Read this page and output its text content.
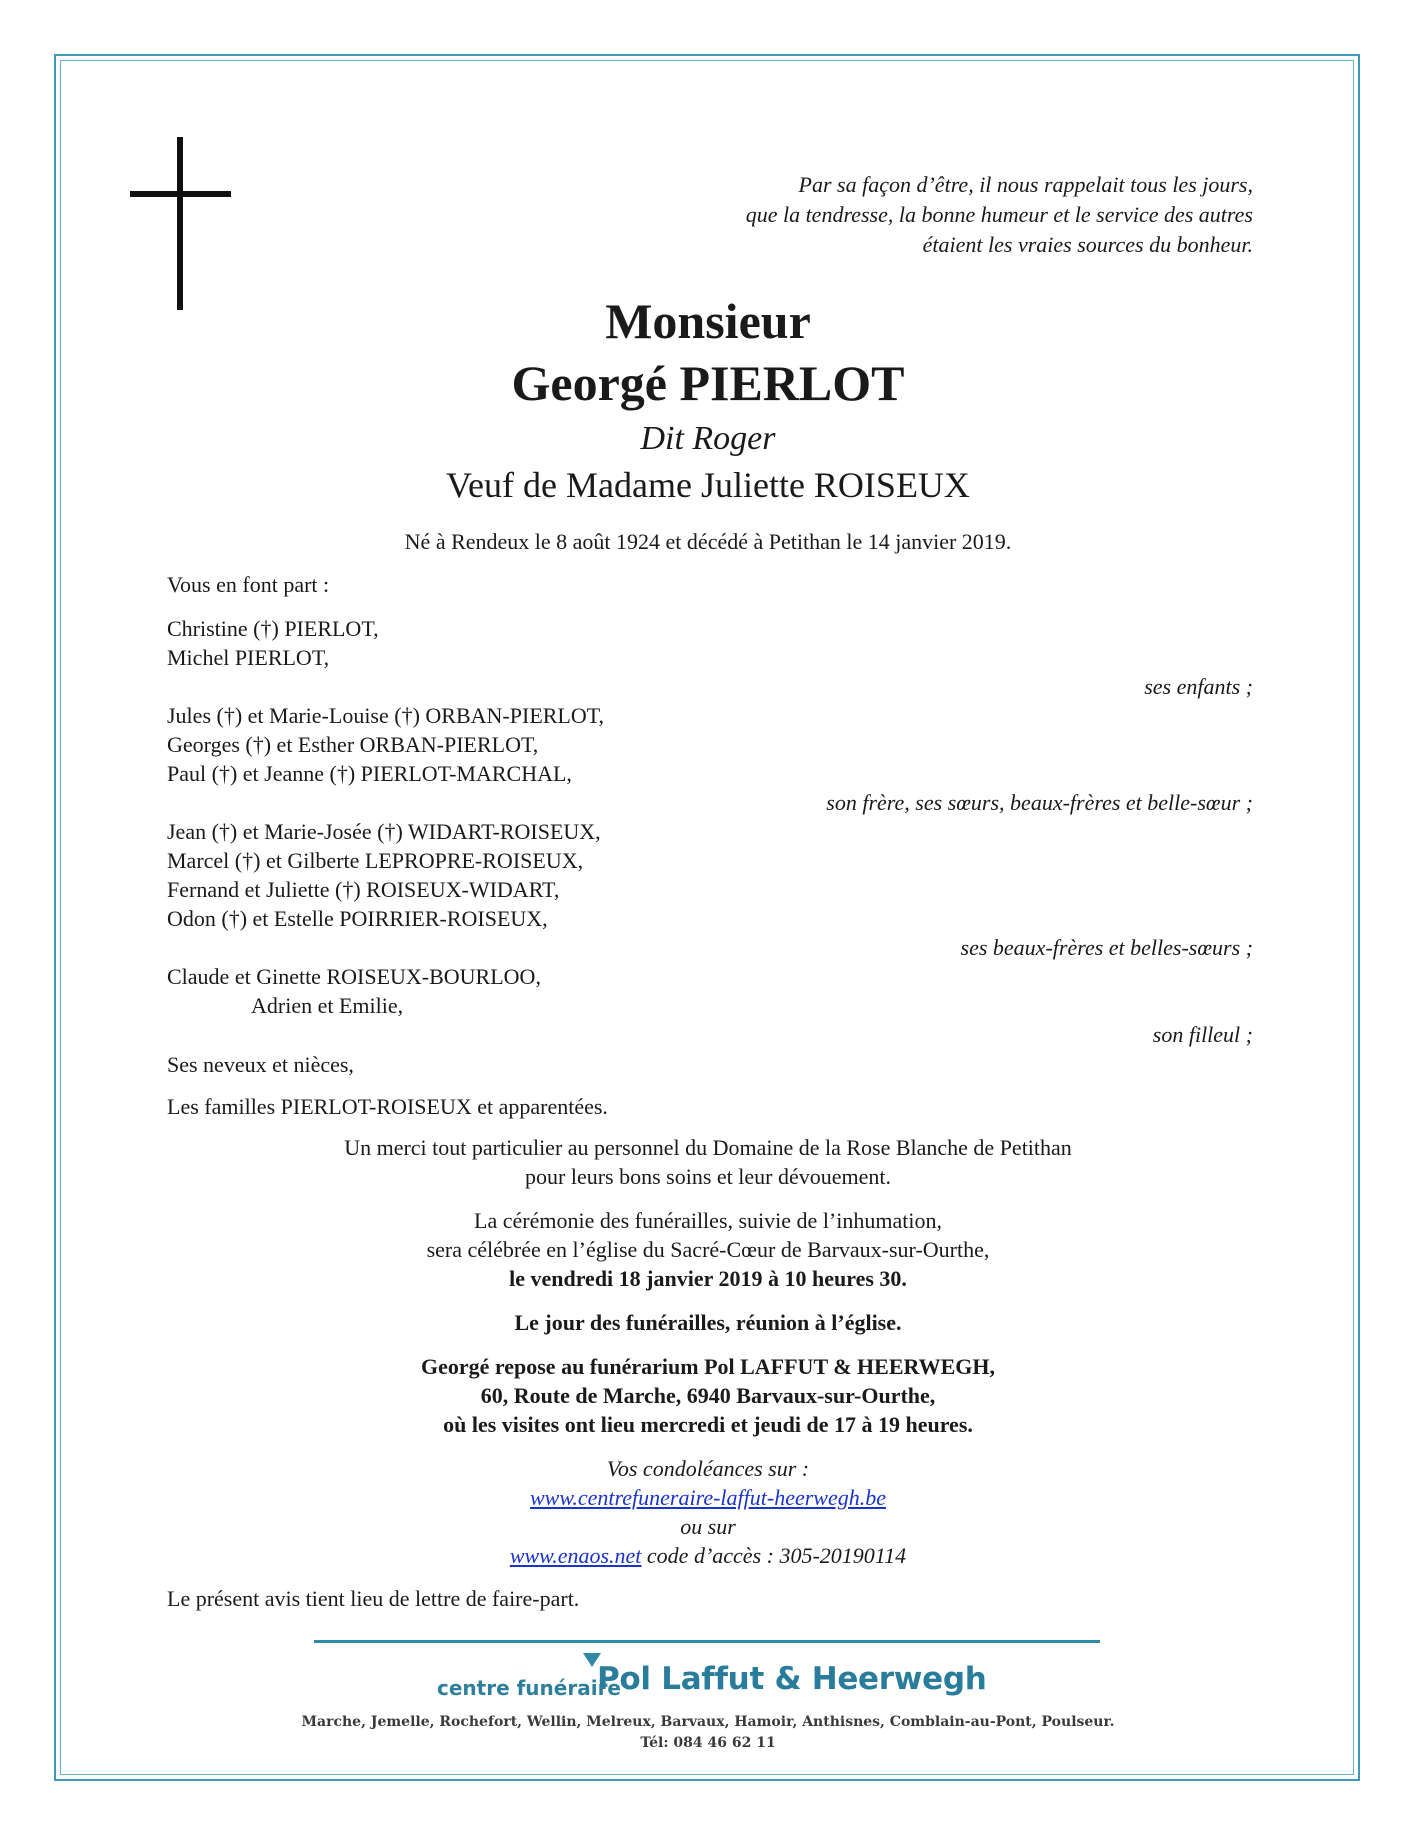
Par sa façon d’être, il nous rappelait tous les jours,
que la tendresse, la bonne humeur et le service des autres
étaient les vraies sources du bonheur.
Monsieur
Georgé PIERLOT
Dit Roger
Veuf de Madame Juliette ROISEUX
Né à Rendeux le 8 août 1924 et décédé à Petithan le 14 janvier 2019.
Vous en font part :
Christine (†) PIERLOT,
Michel PIERLOT,
ses enfants ;
Jules (†) et Marie-Louise (†) ORBAN-PIERLOT,
Georges (†) et Esther ORBAN-PIERLOT,
Paul (†) et Jeanne (†) PIERLOT-MARCHAL,
son frère, ses sœurs, beaux-frères et belle-sœur ;
Jean (†) et Marie-Josée (†) WIDART-ROISEUX,
Marcel (†) et Gilberte LEPROPRE-ROISEUX,
Fernand et Juliette (†) ROISEUX-WIDART,
Odon (†) et Estelle POIRRIER-ROISEUX,
ses beaux-frères et belles-sœurs ;
Claude et Ginette ROISEUX-BOURLOO,
Adrien et Emilie,
son filleul ;
Ses neveux et nièces,
Les familles PIERLOT-ROISEUX et apparentées.
Un merci tout particulier au personnel du Domaine de la Rose Blanche de Petithan
pour leurs bons soins et leur dévouement.
La cérémonie des funérailles, suivie de l’inhumation,
sera célébrée en l’église du Sacré-Cœur de Barvaux-sur-Ourthe,
le vendredi 18 janvier 2019 à 10 heures 30.
Le jour des funérailles, réunion à l’église.
Georgé repose au funérarium Pol LAFFUT & HEERWEGH,
60, Route de Marche, 6940 Barvaux-sur-Ourthe,
où les visites ont lieu mercredi et jeudi de 17 à 19 heures.
Vos condoléances sur :
www.centrefuneraire-laffut-heerwegh.be
ou sur
www.enaos.net code d’accès : 305-20190114
Le présent avis tient lieu de lettre de faire-part.
centre funéraire
Pol Laffut & Heerwegh
Marche, Jemelle, Rochefort, Wellin, Melreux, Barvaux, Hamoir, Anthisnes, Comblain-au-Pont, Poulseur.
Tél: 084 46 62 11
